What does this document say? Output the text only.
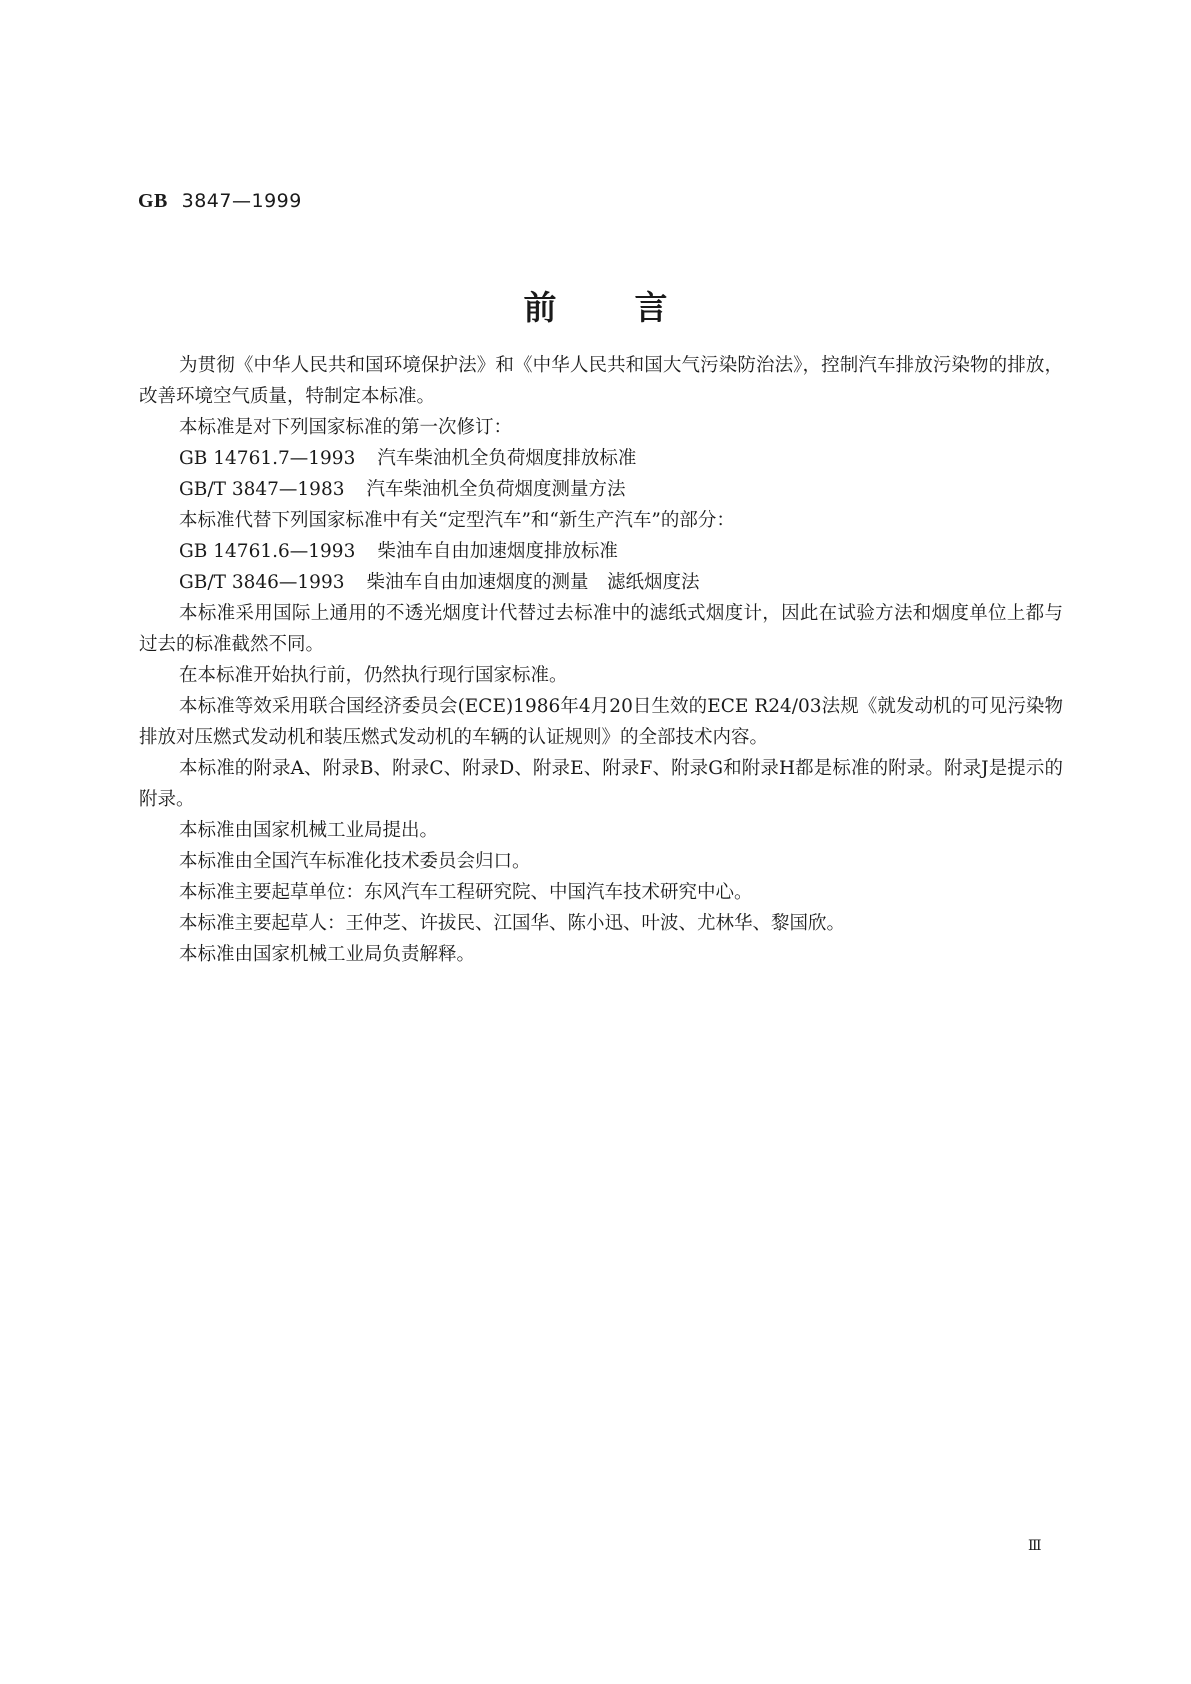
GB 3847—1999
前言

为贯彻《中华人民共和国环境保护法》和《中华人民共和国大气污染防治法》，控制汽车排放污染物的排放，改善环境空气质量，特制定本标准。

本标准是对下列国家标准的第一次修订：

GB 14761.7—1993 汽车柴油机全负荷烟度排放标准

GB/T 3847—1983 汽车柴油机全负荷烟度测量方法

本标准代替下列国家标准中有关“定型汽车”和“新生产汽车”的部分：

GB 14761.6—1993 柴油车自由加速烟度排放标准

GB/T 3846—1993 柴油车自由加速烟度的测量　滤纸烟度法

本标准采用国际上通用的不透光烟度计代替过去标准中的滤纸式烟度计，因此在试验方法和烟度单位上都与过去的标准截然不同。

在本标准开始执行前，仍然执行现行国家标准。

本标准等效采用联合国经济委员会(ECE)1986年4月20日生效的ECE R24/03法规《就发动机的可见污染物排放对压燃式发动机和装压燃式发动机的车辆的认证规则》的全部技术内容。

本标准的附录A、附录B、附录C、附录D、附录E、附录F、附录G和附录H都是标准的附录。附录J是提示的附录。

本标准由国家机械工业局提出。

本标准由全国汽车标准化技术委员会归口。

本标准主要起草单位：东风汽车工程研究院、中国汽车技术研究中心。

本标准主要起草人：王仲芝、许拔民、江国华、陈小迅、叶波、尤林华、黎国欣。

本标准由国家机械工业局负责解释。

Ⅲ
